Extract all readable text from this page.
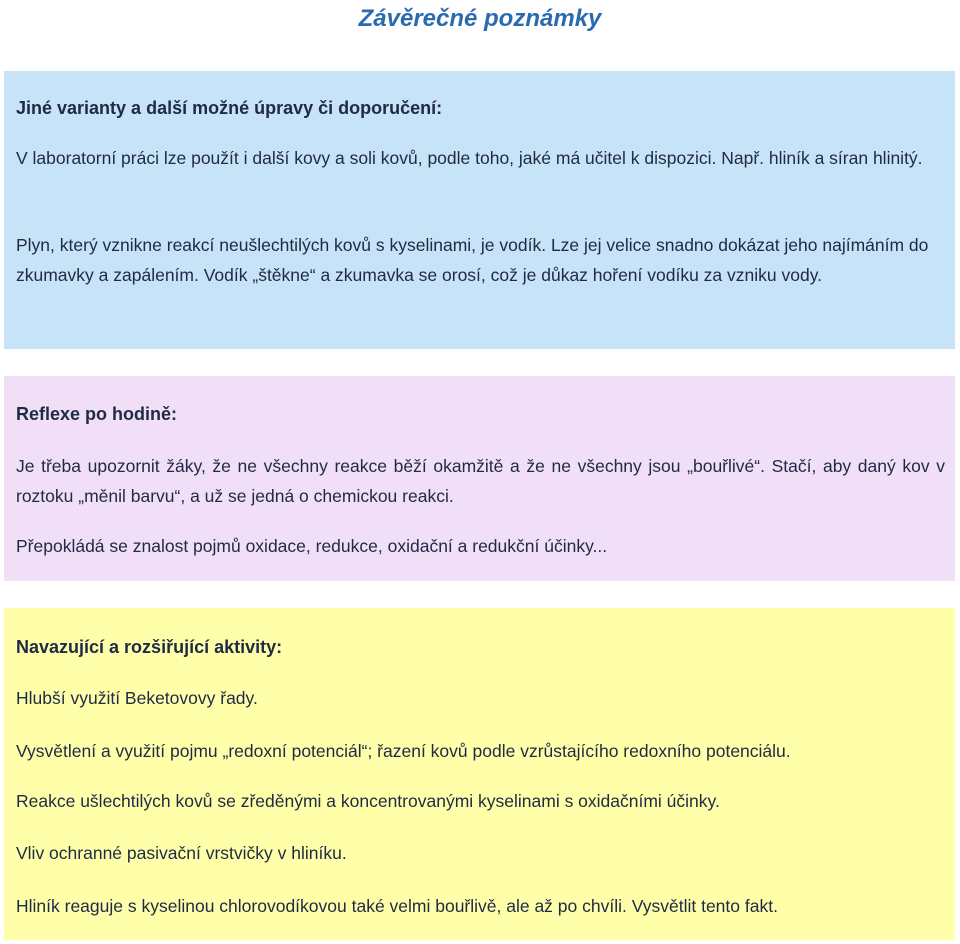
Závěrečné poznámky
Jiné varianty a další možné úpravy či doporučení:
V laboratorní práci lze použít i další kovy a soli kovů, podle toho, jaké má učitel k dispozici. Např. hliník a síran hlinitý.
Plyn, který vznikne reakcí neušlechtilých kovů s kyselinami, je vodík. Lze jej velice snadno dokázat jeho najímáním do zkumavky a zapálením. Vodík „štěkne“ a zkumavka se orosí, což je důkaz hoření vodíku za vzniku vody.
Reflexe po hodině:
Je třeba upozornit žáky, že ne všechny reakce běží okamžitě a že ne všechny jsou „bouřlivé“. Stačí, aby daný kov v roztoku „měnil barvu“, a už se jedná o chemickou reakci.
Přepokládá se znalost pojmů oxidace, redukce, oxidační a redukční účinky...
Navazující a rozšiřující aktivity:
Hlubší využití Beketovovy řady.
Vysvětlení a využití pojmu „redoxní potenciál“; řazení kovů podle vzrůstajícího redoxního potenciálu.
Reakce ušlechtilých kovů se zředěnými a koncentrovanými kyselinami s oxidačními účinky.
Vliv ochranné pasivační vrstvičky v hliníku.
Hliník reaguje s kyselinou chlorovodíkovou také velmi bouřlivě, ale až po chvíli. Vysvětlit tento fakt.
